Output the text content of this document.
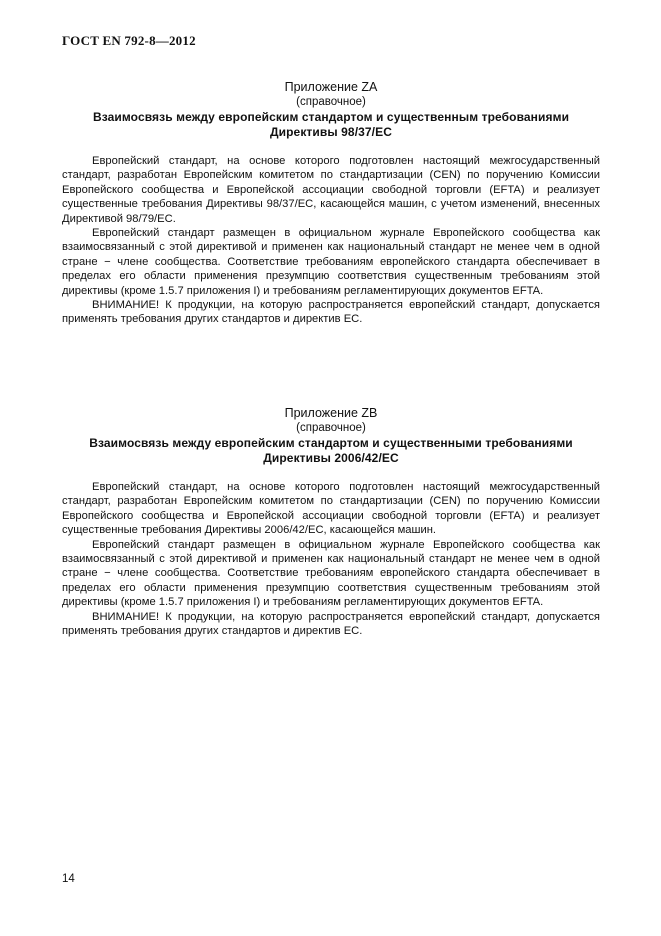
ГОСТ EN 792-8—2012
Приложение ZA
(справочное)
Взаимосвязь между европейским стандартом и существенным требованиями
Директивы 98/37/ЕС

Европейский стандарт, на основе которого подготовлен настоящий межгосударственный стандарт, разработан Европейским комитетом по стандартизации (CEN) по поручению Комиссии Европейского сообщества и Европейской ассоциации свободной торговли (EFTA) и реализует существенные требования Директивы 98/37/ЕС, касающейся машин, с учетом изменений, внесенных Директивой 98/79/ЕС.

Европейский стандарт размещен в официальном журнале Европейского сообщества как взаимосвязанный с этой директивой и применен как национальный стандарт не менее чем в одной стране − члене сообщества. Соответствие требованиям европейского стандарта обеспечивает в пределах его области применения презумпцию соответствия существенным требованиям этой директивы (кроме 1.5.7 приложения I) и требованиям регламентирующих документов EFTA.

ВНИМАНИЕ! К продукции, на которую распространяется европейский стандарт, допускается применять требования других стандартов и директив ЕС.

Приложение ZB
(справочное)
Взаимосвязь между европейским стандартом и существенными требованиями
Директивы 2006/42/ЕС

Европейский стандарт, на основе которого подготовлен настоящий межгосударственный стандарт, разработан Европейским комитетом по стандартизации (CEN) по поручению Комиссии Европейского сообщества и Европейской ассоциации свободной торговли (EFTA) и реализует существенные требования Директивы 2006/42/ЕС, касающейся машин.

Европейский стандарт размещен в официальном журнале Европейского сообщества как взаимосвязанный с этой директивой и применен как национальный стандарт не менее чем в одной стране − члене сообщества. Соответствие требованиям европейского стандарта обеспечивает в пределах его области применения презумпцию соответствия существенным требованиям этой директивы (кроме 1.5.7 приложения I) и требованиям регламентирующих документов EFTA.

ВНИМАНИЕ! К продукции, на которую распространяется европейский стандарт, допускается применять требования других стандартов и директив ЕС.

14
